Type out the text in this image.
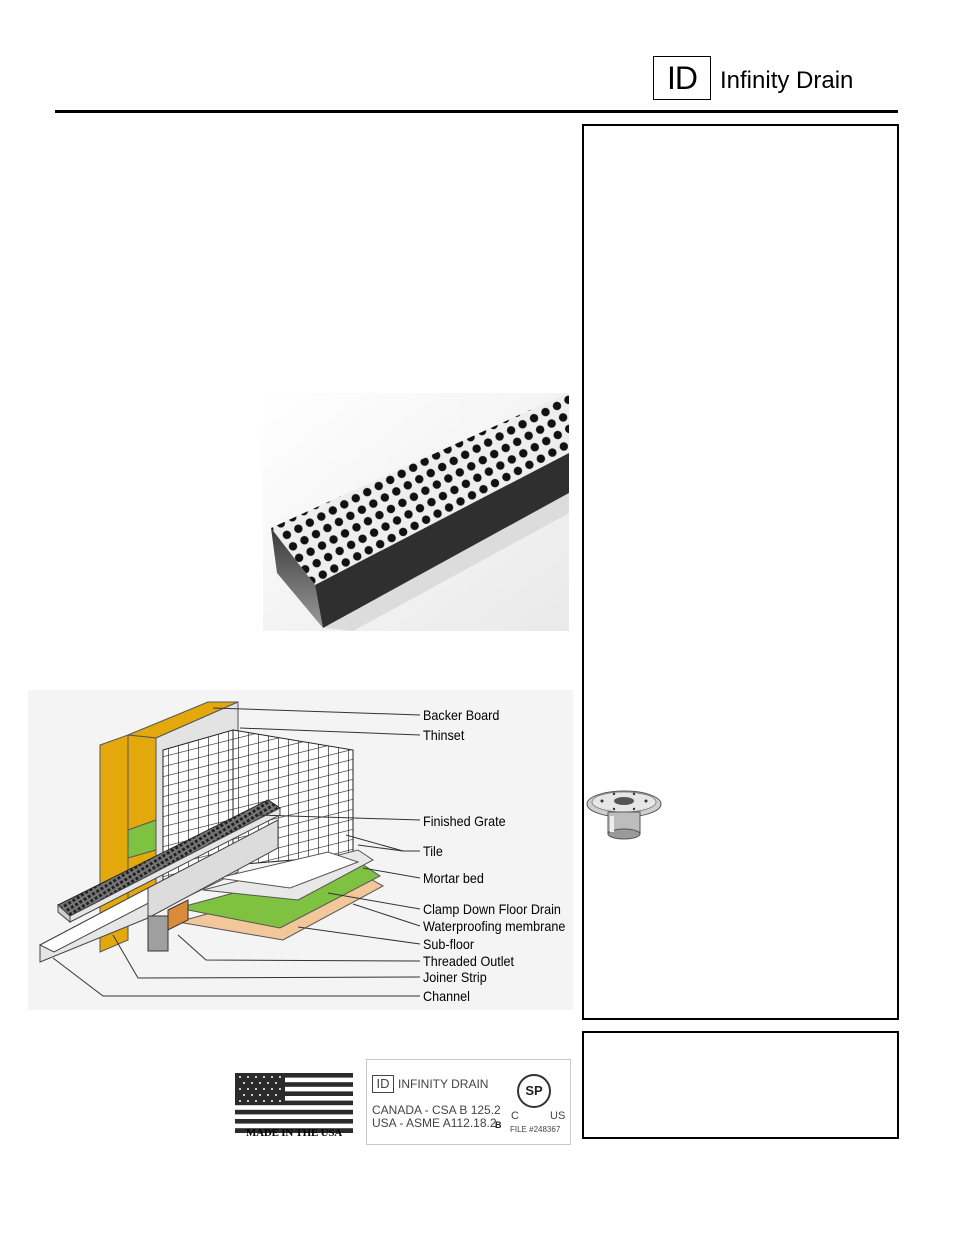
ID Infinity Drain
Backer Board
Thinset
Finished Grate
Tile
Mortar bed
Clamp Down Floor Drain
Waterproofing membrane
Sub-floor
Threaded Outlet
Joiner Strip
Channel
MADE IN THE USA
ID INFINITY DRAIN
CANADA - CSA B 125.2
USA - ASME A112.18.2
B
SP
C	US
FILE #248367
